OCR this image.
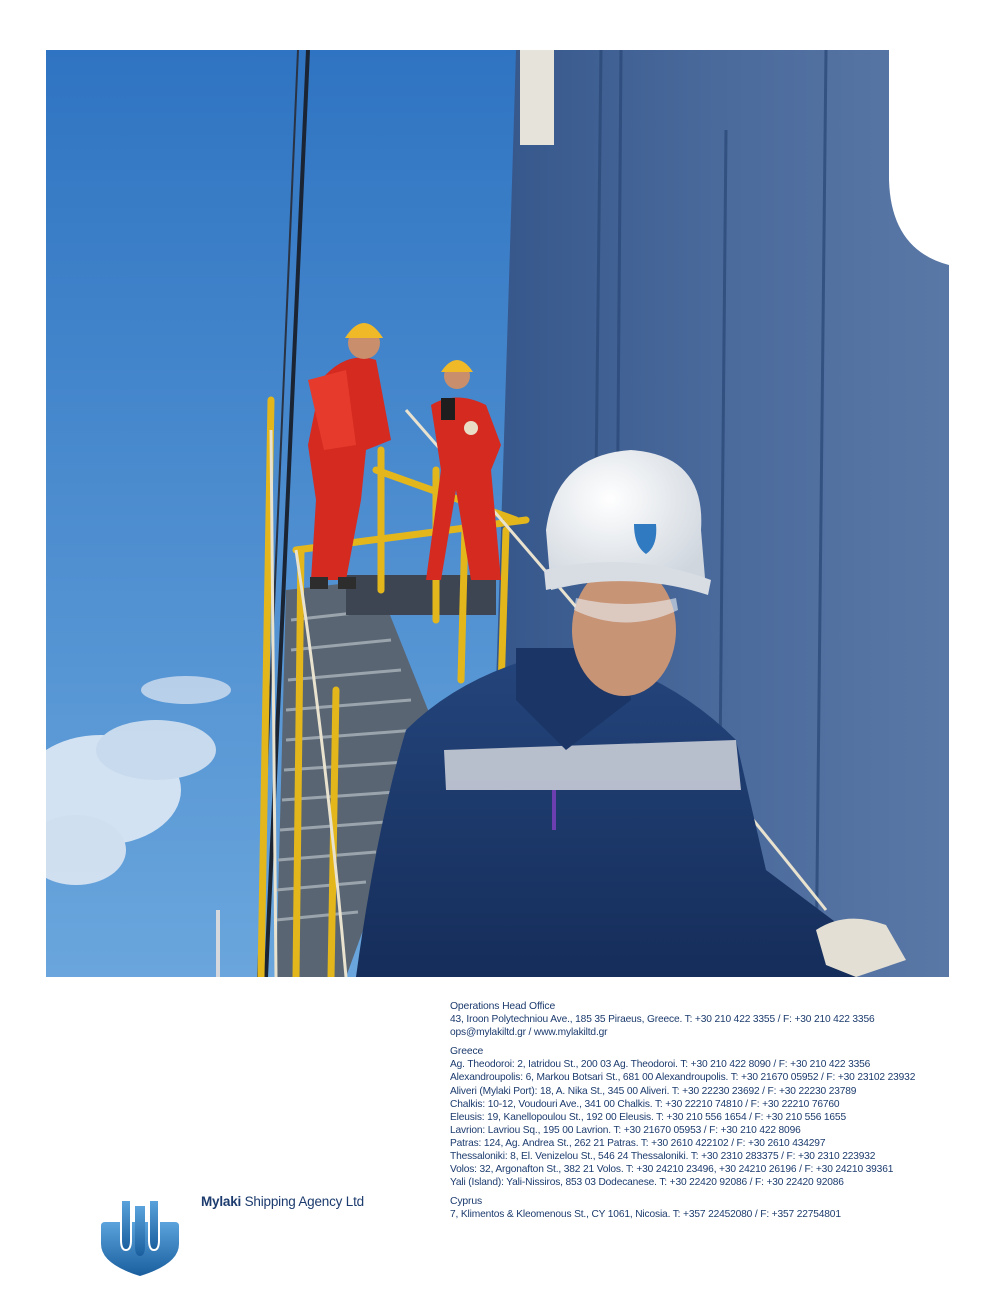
Operations Head Office
43, Iroon Polytechniou Ave., 185 35 Piraeus, Greece. T: +30 210 422 3355 / F: +30 210 422 3356
ops@mylakiltd.gr / www.mylakiltd.gr
Greece
Ag. Theodoroi: 2, Iatridou St., 200 03 Ag. Theodoroi. T: +30 210 422 8090 / F: +30 210 422 3356
Alexandroupolis: 6, Markou Botsari St., 681 00 Alexandroupolis. T: +30 21670 05952 / F: +30 23102 23932
Aliveri (Mylaki Port): 18, A. Nika St., 345 00 Aliveri. T: +30 22230 23692 / F: +30 22230 23789
Chalkis: 10-12, Voudouri Ave., 341 00 Chalkis. T: +30 22210 74810 / F: +30 22210 76760
Eleusis: 19, Kanellopoulou St., 192 00 Eleusis. T: +30 210 556 1654 / F: +30 210 556 1655
Lavrion: Lavriou Sq., 195 00 Lavrion. T: +30 21670 05953 / F: +30 210 422 8096
Patras: 124, Ag. Andrea St., 262 21 Patras. T: +30 2610 422102 / F: +30 2610 434297
Thessaloniki: 8, El. Venizelou St., 546 24 Thessaloniki. T: +30 2310 283375 / F: +30 2310 223932
Volos: 32, Argonafton St., 382 21 Volos. T: +30 24210 23496, +30 24210 26196 / F: +30 24210 39361
Yali (Island): Yali-Nissiros, 853 03 Dodecanese. T: +30 22420 92086 / F: +30 22420 92086
Cyprus
7, Klimentos & Kleomenous St., CY 1061, Nicosia. T: +357 22452080 / F: +357 22754801
Mylaki Shipping Agency Ltd
